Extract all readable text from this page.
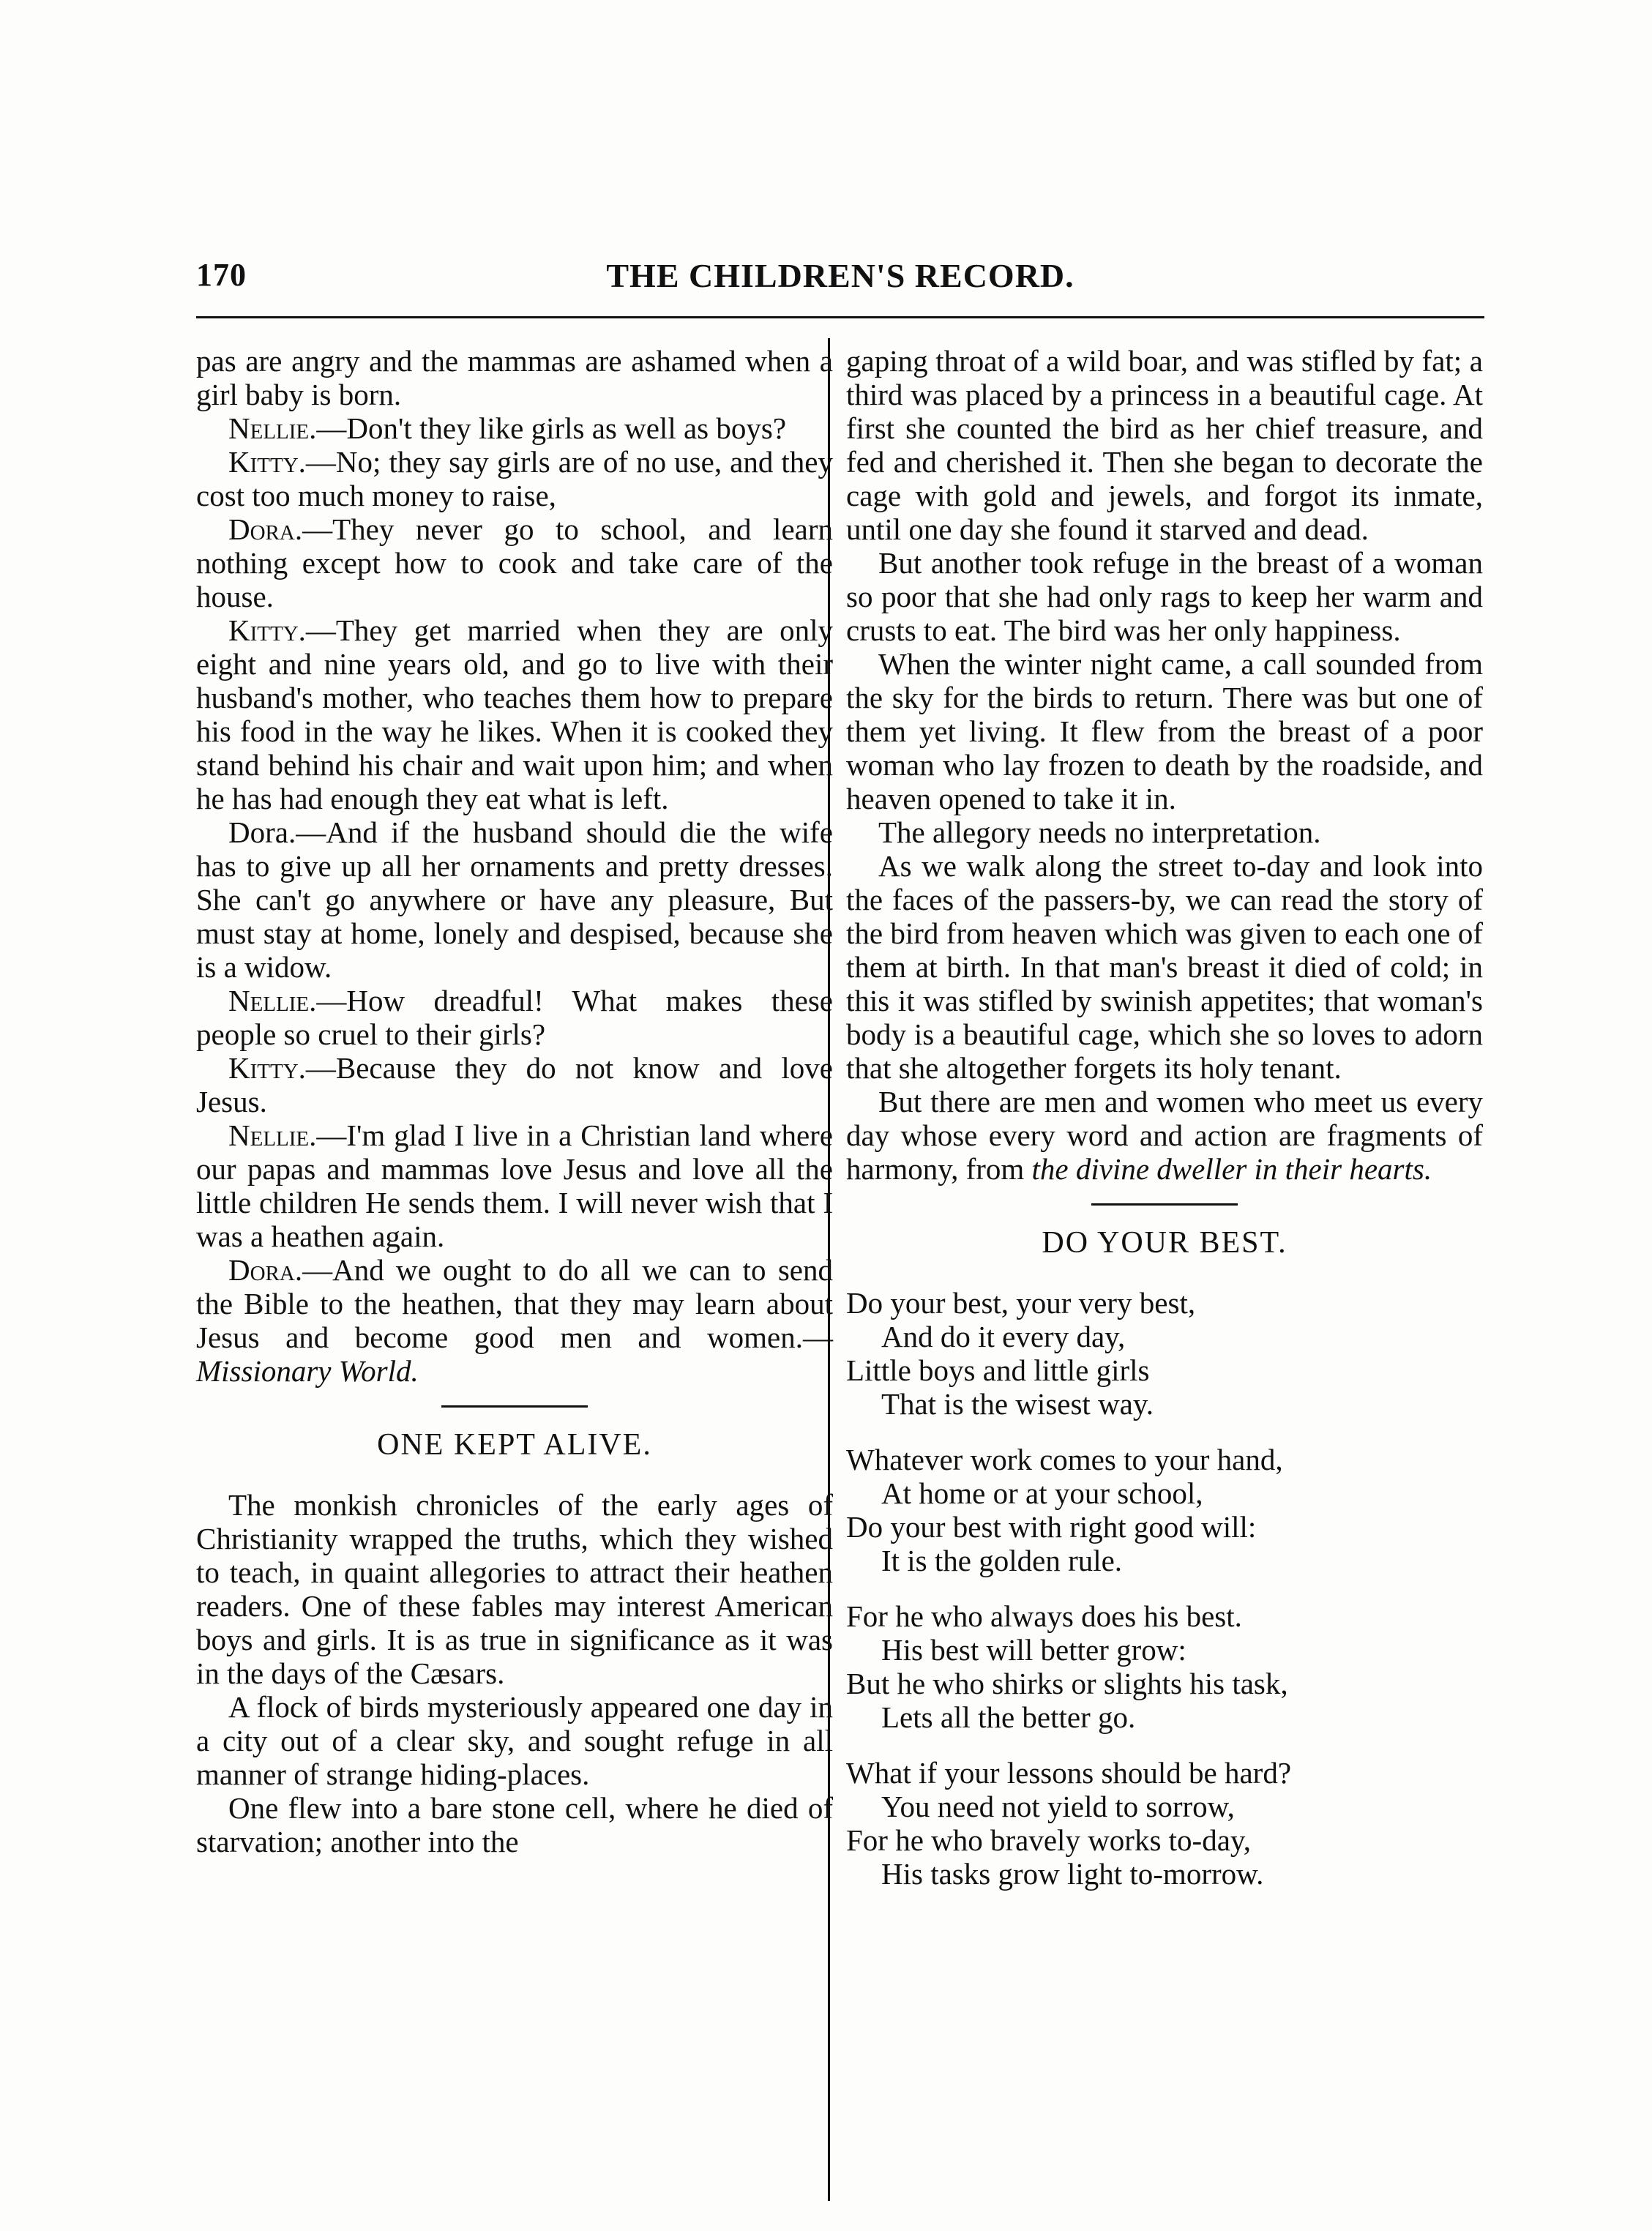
170	THE CHILDREN'S RECORD.

pas are angry and the mammas are ashamed when a girl baby is born.

Nellie.—Don't they like girls as well as boys?

Kitty.—No; they say girls are of no use, and they cost too much money to raise,

Dora.—They never go to school, and learn nothing except how to cook and take care of the house.

Kitty.—They get married when they are only eight and nine years old, and go to live with their husband's mother, who teaches them how to prepare his food in the way he likes. When it is cooked they stand behind his chair and wait upon him; and when he has had enough they eat what is left.

Dora.—And if the husband should die the wife has to give up all her ornaments and pretty dresses. She can't go anywhere or have any pleasure, But must stay at home, lonely and despised, because she is a widow.

Nellie.—How dreadful! What makes these people so cruel to their girls?

Kitty.—Because they do not know and love Jesus.

Nellie.—I'm glad I live in a Christian land where our papas and mammas love Jesus and love all the little children He sends them. I will never wish that I was a heathen again.

Dora.—And we ought to do all we can to send the Bible to the heathen, that they may learn about Jesus and become good men and women.—Missionary World.

ONE KEPT ALIVE.

The monkish chronicles of the early ages of Christianity wrapped the truths, which they wished to teach, in quaint allegories to attract their heathen readers. One of these fables may interest American boys and girls. It is as true in significance as it was in the days of the Cæsars.

A flock of birds mysteriously appeared one day in a city out of a clear sky, and sought refuge in all manner of strange hiding-places.

One flew into a bare stone cell, where he died of starvation; another into the

gaping throat of a wild boar, and was stifled by fat; a third was placed by a princess in a beautiful cage. At first she counted the bird as her chief treasure, and fed and cherished it. Then she began to decorate the cage with gold and jewels, and forgot its inmate, until one day she found it starved and dead.

But another took refuge in the breast of a woman so poor that she had only rags to keep her warm and crusts to eat. The bird was her only happiness.

When the winter night came, a call sounded from the sky for the birds to return. There was but one of them yet living. It flew from the breast of a poor woman who lay frozen to death by the roadside, and heaven opened to take it in.

The allegory needs no interpretation.

As we walk along the street to-day and look into the faces of the passers-by, we can read the story of the bird from heaven which was given to each one of them at birth. In that man's breast it died of cold; in this it was stifled by swinish appetites; that woman's body is a beautiful cage, which she so loves to adorn that she altogether forgets its holy tenant.

But there are men and women who meet us every day whose every word and action are fragments of harmony, from the divine dweller in their hearts.

DO YOUR BEST.
Do your best, your very best,
And do it every day,
Little boys and little girls
That is the wisest way.
Whatever work comes to your hand,
At home or at your school,
Do your best with right good will:
It is the golden rule.
For he who always does his best.
His best will better grow:
But he who shirks or slights his task,
Lets all the better go.
What if your lessons should be hard?
You need not yield to sorrow,
For he who bravely works to-day,
His tasks grow light to-morrow.
